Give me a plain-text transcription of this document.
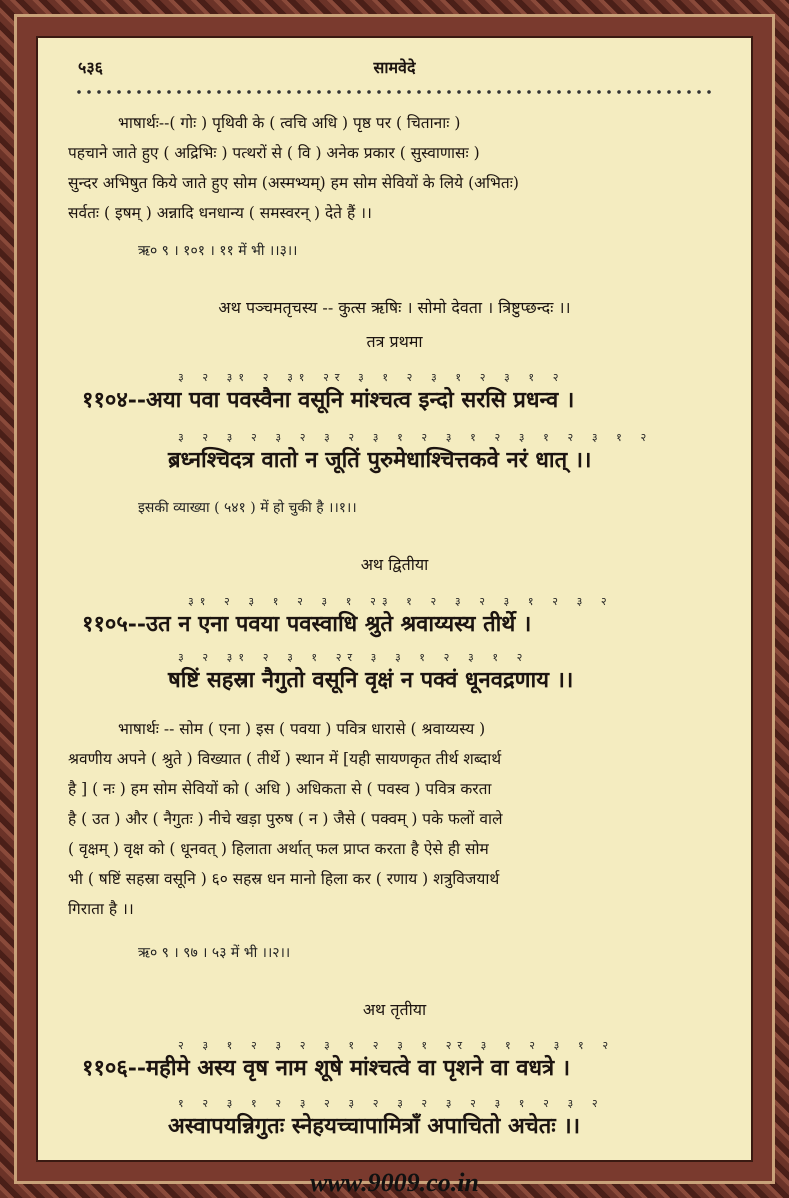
५३६	सामवेदे
भाषार्थः--( गोः ) पृथिवी के ( त्वचि अधि ) पृष्ठ पर ( चितानाः )
पहचाने जाते हुए ( अद्रिभिः ) पत्थरों से ( वि ) अनेक प्रकार ( सुस्वाणासः )
सुन्दर अभिषुत किये जाते हुए सोम (अस्मभ्यम्) हम सोम सेवियों के लिये (अभितः)
सर्वतः ( इषम् ) अन्नादि धनधान्य ( समस्वरन् ) देते हैं ।।
ऋ० ९ । १०१ । ११ में भी ।।३।।
अथ पञ्चमतृचस्य -- कुत्स ऋषिः । सोमो देवता । त्रिष्टुप्छन्दः ।।
तत्र प्रथमा
३ २ ३१ २ ३१ २र ३ १ २ ३ १ २ ३ १ २
११०४--अया पवा पवस्वैना वसूनि मांश्चत्व इन्दो सरसि प्रधन्व ।
३ २ ३ २ ३ २ ३ २ ३ १ २ ३ १ २ ३ १ २ ३ १ २
ब्रध्नश्चिदत्र वातो न जूतिं पुरुमेधाश्चित्तकवे नरं धात् ।।
इसकी व्याख्या ( ५४१ ) में हो चुकी है ।।१।।
अथ द्वितीया
३१ २ ३ १ २ ३ १ २३ १ २ ३ २ ३ १ २ ३ २
११०५--उत न एना पवया पवस्वाधि श्रुते श्रवाय्यस्य तीर्थे ।
३ २ ३१ २ ३ १ २र ३ ३ १ २ ३ १ २
षष्टिं सहस्रा नैगुतो वसूनि वृक्षं न पक्वं धूनवद्रणाय ।।
भाषार्थः -- सोम ( एना ) इस ( पवया ) पवित्र धारासे ( श्रवाय्यस्य )
श्रवणीय अपने ( श्रुते ) विख्यात ( तीर्थे ) स्थान में [यही सायणकृत तीर्थ शब्दार्थ
है ] ( नः ) हम सोम सेवियों को ( अधि ) अधिकता से ( पवस्व ) पवित्र करता
है ( उत ) और ( नैगुतः ) नीचे खड़ा पुरुष ( न ) जैसे ( पक्वम् ) पके फलों वाले
( वृक्षम् ) वृक्ष को ( धूनवत् ) हिलाता अर्थात् फल प्राप्त करता है ऐसे ही सोम
भी ( षष्टिं सहस्रा वसूनि ) ६० सहस्र धन मानो हिला कर ( रणाय ) शत्रुविजयार्थ
गिराता है ।।
ऋ० ९ । ९७ । ५३ में भी ।।२।।
अथ तृतीया
२ ३ १ २ ३ २ ३ १ २ ३ १ २र ३ १ २ ३ १ २
११०६--महीमे अस्य वृष नाम शूषे मांश्चत्वे वा पृशने वा वधत्रे ।
१ २ ३ १ २ ३ २ ३ २ ३ २ ३ २ ३ १ २ ३ २
अस्वापयन्निगुतः स्नेहयच्चापामित्राँ अपाचितो अचेतः ।।
www.9009.co.in
